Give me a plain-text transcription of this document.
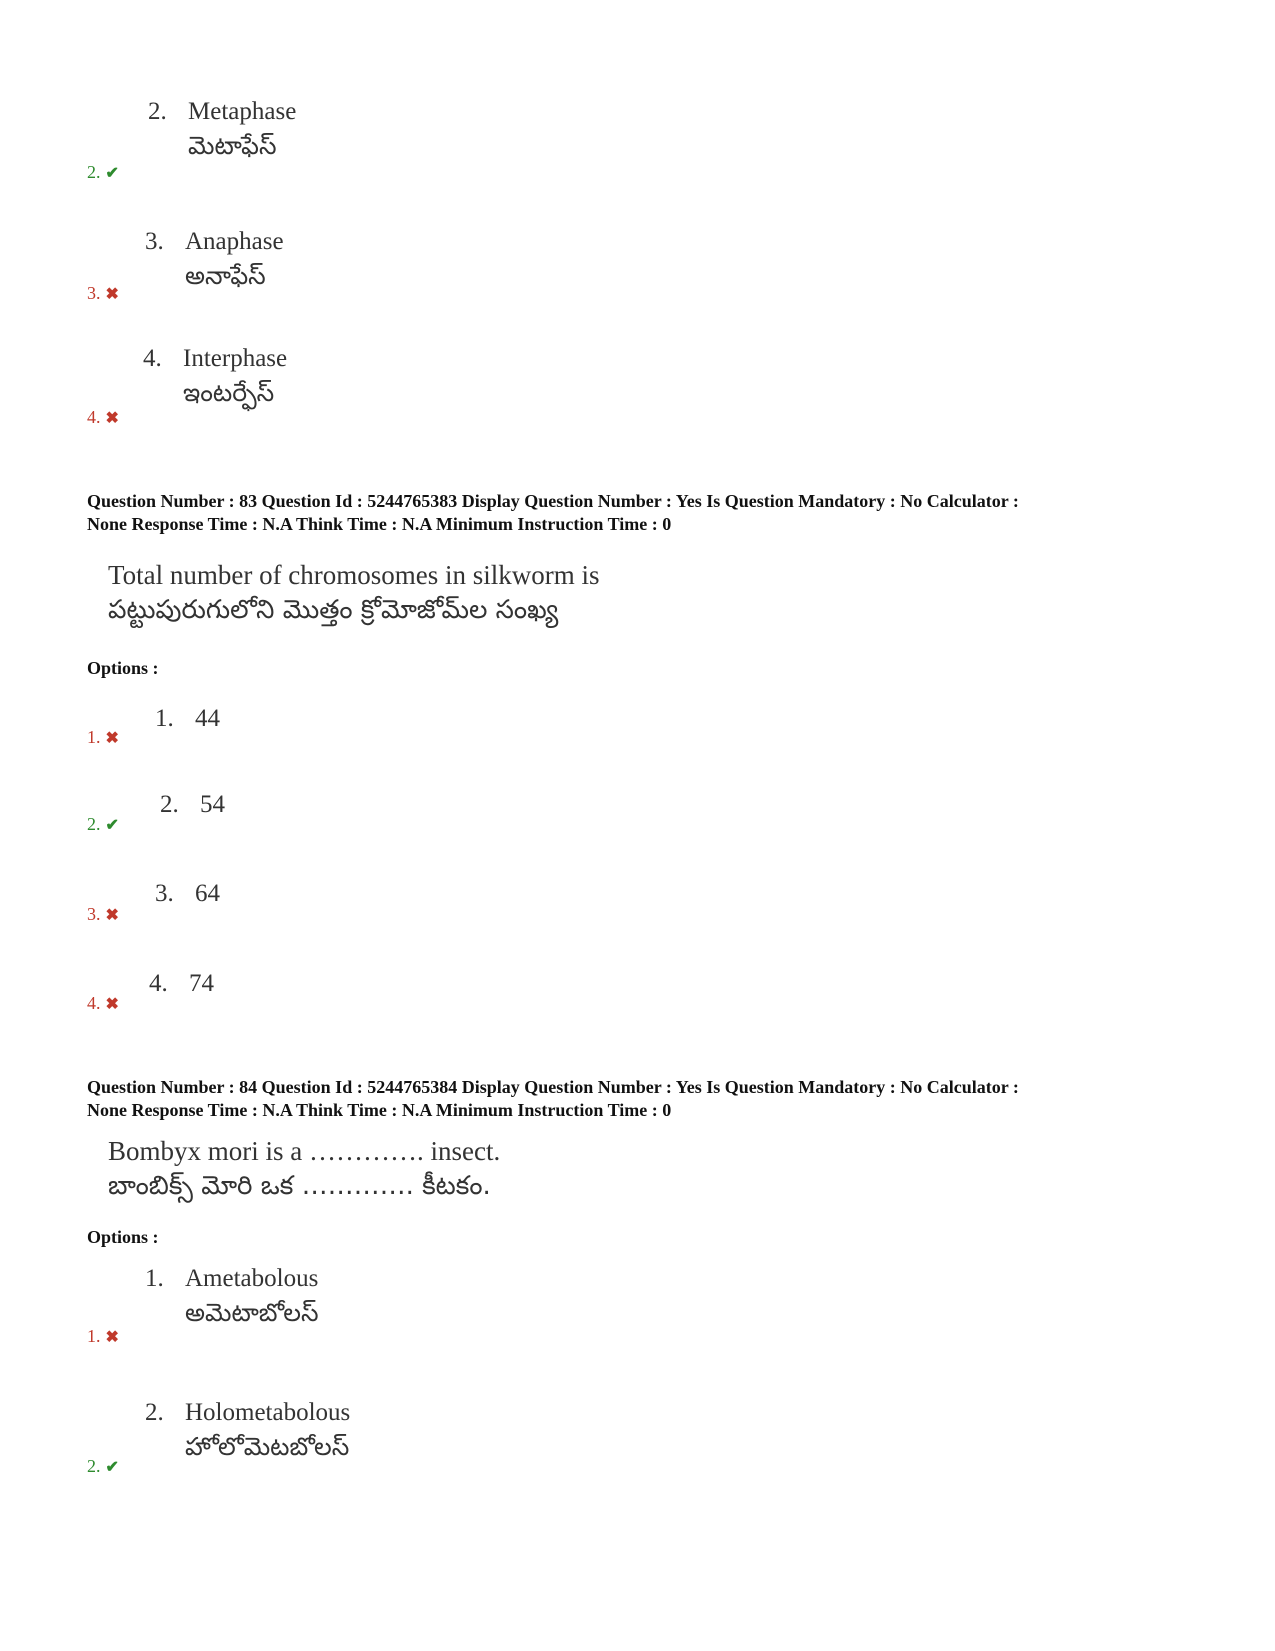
2. Metaphase
మెటాఫేస్
2. ✔
3. Anaphase
అనాఫేస్
3. ✖
4. Interphase
ఇంటర్ఫేస్
4. ✖
Question Number : 83 Question Id : 5244765383 Display Question Number : Yes Is Question Mandatory : No Calculator :
None Response Time : N.A Think Time : N.A Minimum Instruction Time : 0
Total number of chromosomes in silkworm is
పట్టుపురుగులోని మొత్తం క్రోమోజోమ్‌ల సంఖ్య
Options :
1. 44
1. ✖
2. 54
2. ✔
3. 64
3. ✖
4. 74
4. ✖
Question Number : 84 Question Id : 5244765384 Display Question Number : Yes Is Question Mandatory : No Calculator :
None Response Time : N.A Think Time : N.A Minimum Instruction Time : 0
Bombyx mori is a …………. insect.
బాంబిక్స్ మోరి ఒక …………. కీటకం.
Options :
1. Ametabolous
అమెటాబోలస్
1. ✖
2. Holometabolous
హోలోమెటబోలస్
2. ✔
